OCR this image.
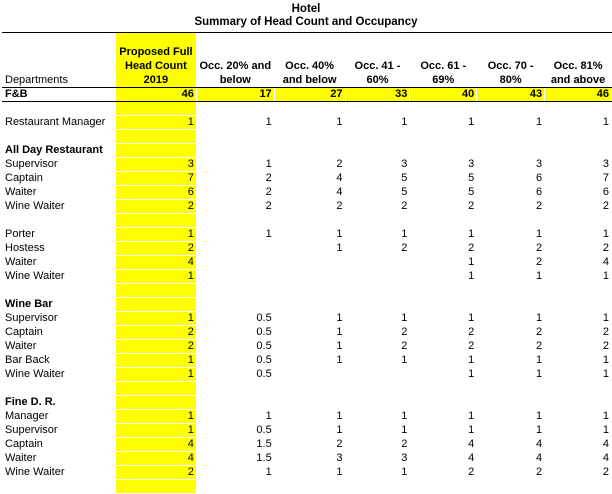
Hotel
Summary of Head Count and Occupancy
Departments	Proposed Full Head Count 2019	Occ. 20% and below	Occ. 40% and below	Occ. 41 - 60%	Occ. 61 - 69%	Occ. 70 - 80%	Occ. 81% and above
F&B	46	17	27	33	40	43	46

Restaurant Manager	1	1	1	1	1	1	1

All Day Restaurant							
Supervisor	3	1	2	3	3	3	3
Captain	7	2	4	5	5	6	7
Waiter	6	2	4	5	5	6	6
Wine Waiter	2	2	2	2	2	2	2

Porter	1	1	1	1	1	1	1
Hostess	2		1	2	2	2	2
Waiter	4				1	2	4
Wine Waiter	1				1	1	1

Wine Bar							
Supervisor	1	0.5	1	1	1	1	1
Captain	2	0.5	1	2	2	2	2
Waiter	2	0.5	1	2	2	2	2
Bar Back	1	0.5	1	1	1	1	1
Wine Waiter	1	0.5			1	1	1

Fine D. R.							
Manager	1	1	1	1	1	1	1
Supervisor	1	0.5	1	1	1	1	1
Captain	4	1.5	2	2	4	4	4
Waiter	4	1.5	3	3	4	4	4
Wine Waiter	2	1	1	1	2	2	2
